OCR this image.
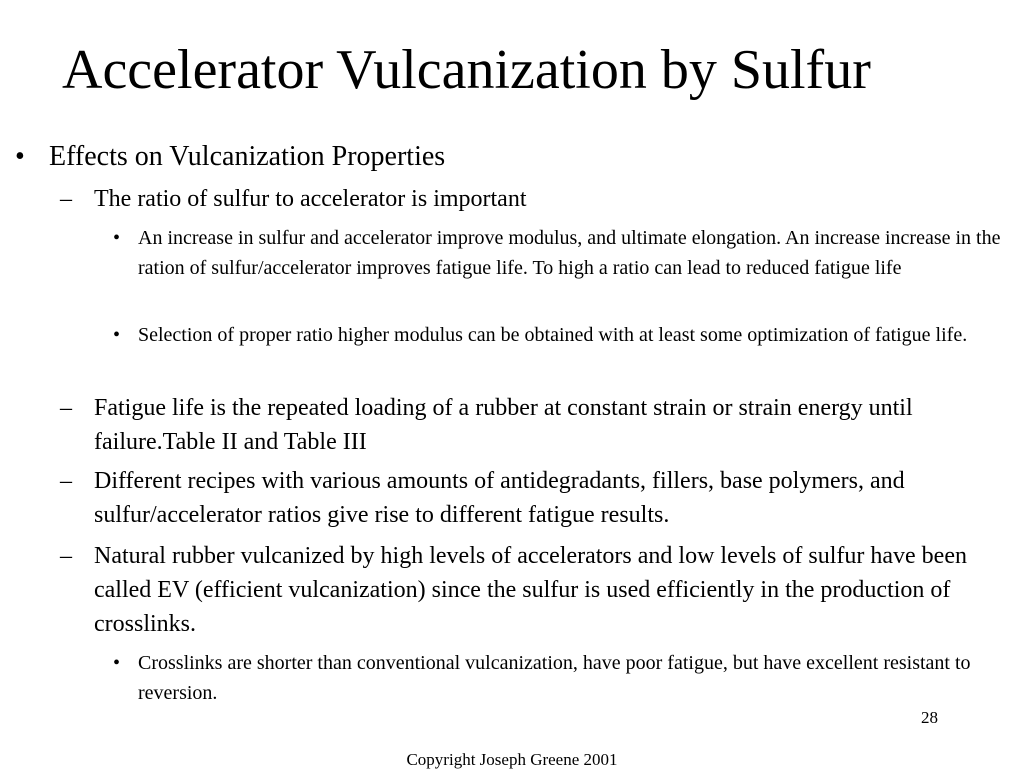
Accelerator Vulcanization by Sulfur
• Effects on Vulcanization Properties
– The ratio of sulfur to accelerator is important
• An increase in sulfur and accelerator improve modulus, and ultimate elongation. An increase increase in the ration of sulfur/accelerator improves fatigue life. To high a ratio can lead to reduced fatigue life
• Selection of proper ratio higher modulus can be obtained with at least some optimization of fatigue life.
– Fatigue life is the repeated loading of a rubber at constant strain or strain energy until failure.Table II and Table III
– Different recipes with various amounts of antidegradants, fillers, base polymers, and sulfur/accelerator ratios give rise to different fatigue results.
– Natural rubber vulcanized by high levels of accelerators and low levels of sulfur have been called EV (efficient vulcanization) since the sulfur is used efficiently in the production of crosslinks.
• Crosslinks are shorter than conventional vulcanization, have poor fatigue, but have excellent resistant to reversion.
28
Copyright Joseph Greene 2001
